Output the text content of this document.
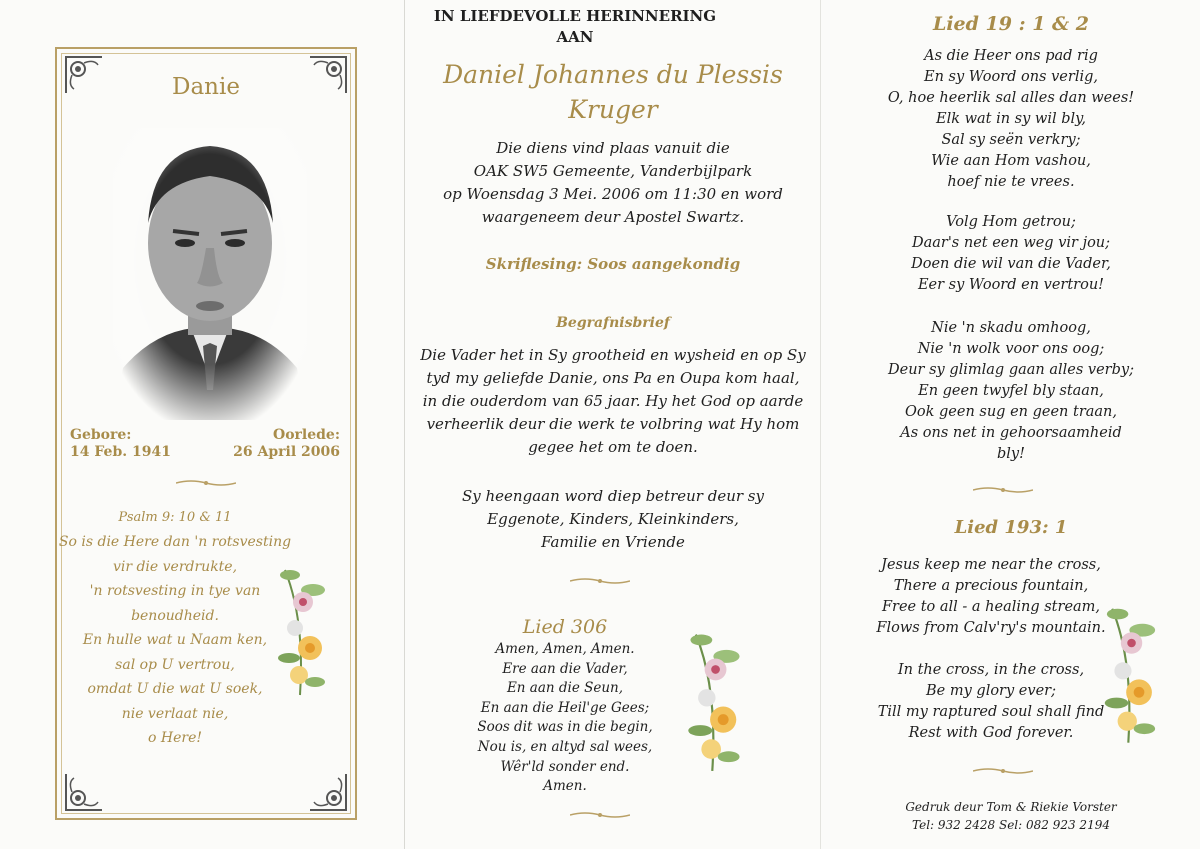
Danie
Gebore:
14 Feb. 1941
Oorlede:
26 April 2006
Psalm 9: 10 & 11
So is die Here dan 'n rotsvesting
vir die verdrukte,
'n rotsvesting in tye van
benoudheid.
En hulle wat u Naam ken,
sal op U vertrou,
omdat U die wat U soek,
nie verlaat nie,
o Here!
IN LIEFDEVOLLE HERINNERING
AAN
Daniel Johannes du Plessis
Kruger
Die diens vind plaas vanuit die
OAK SW5 Gemeente, Vanderbijlpark
op Woensdag 3 Mei. 2006 om 11:30 en word
waargeneem deur Apostel Swartz.
Skriflesing: Soos aangekondig
Begrafnisbrief
Die Vader het in Sy grootheid en wysheid en op Sy
tyd my geliefde Danie, ons Pa en Oupa kom haal,
in die ouderdom van 65 jaar. Hy het God op aarde
verheerlik deur die werk te volbring wat Hy hom
gegee het om te doen.
Sy heengaan word diep betreur deur sy
Eggenote, Kinders, Kleinkinders,
Familie en Vriende
Lied 306
Amen, Amen, Amen.
Ere aan die Vader,
En aan die Seun,
En aan die Heil'ge Gees;
Soos dit was in die begin,
Nou is, en altyd sal wees,
Wêr'ld sonder end.
Amen.
Lied 19 : 1 & 2
As die Heer ons pad rig
En sy Woord ons verlig,
O, hoe heerlik sal alles dan wees!
Elk wat in sy wil bly,
Sal sy seën verkry;
Wie aan Hom vashou,
hoef nie te vrees.
Volg Hom getrou;
Daar's net een weg vir jou;
Doen die wil van die Vader,
Eer sy Woord en vertrou!
Nie 'n skadu omhoog,
Nie 'n wolk voor ons oog;
Deur sy glimlag gaan alles verby;
En geen twyfel bly staan,
Ook geen sug en geen traan,
As ons net in gehoorsaamheid
bly!
Lied 193: 1
Jesus keep me near the cross,
There a precious fountain,
Free to all - a healing stream,
Flows from Calv'ry's mountain.
In the cross, in the cross,
Be my glory ever;
Till my raptured soul shall find
Rest with God forever.
Gedruk deur Tom & Riekie Vorster
Tel: 932 2428 Sel: 082 923 2194
